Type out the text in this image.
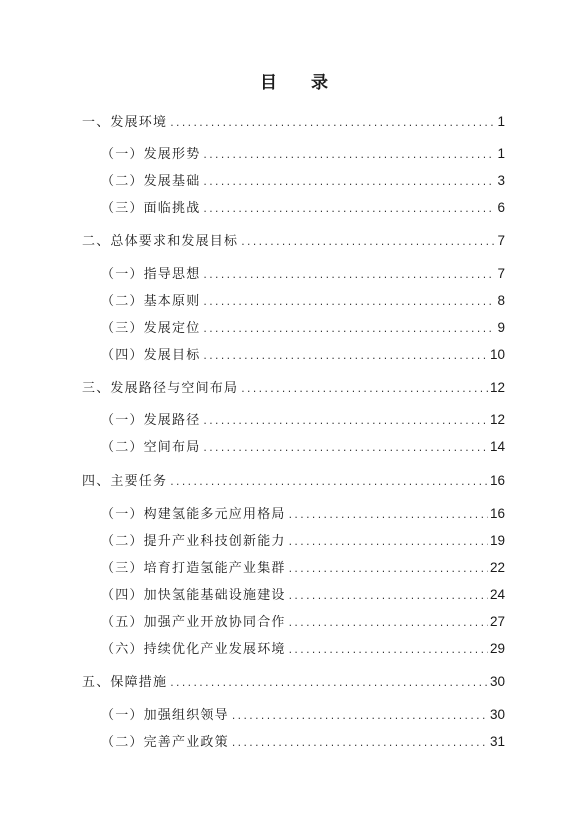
目 录
一、发展环境 .....	1
（一）发展形势 .....	1
（二）发展基础 .....	3
（三）面临挑战 .....	6
二、总体要求和发展目标 .....	7
（一）指导思想 .....	7
（二）基本原则 .....	8
（三）发展定位 .....	9
（四）发展目标 .....	10
三、发展路径与空间布局 .....	12
（一）发展路径 .....	12
（二）空间布局 .....	14
四、主要任务 .....	16
（一）构建氢能多元应用格局 .....	16
（二）提升产业科技创新能力 .....	19
（三）培育打造氢能产业集群 .....	22
（四）加快氢能基础设施建设 .....	24
（五）加强产业开放协同合作 .....	27
（六）持续优化产业发展环境 .....	29
五、保障措施 .....	30
（一）加强组织领导 .....	30
（二）完善产业政策 .....	31
